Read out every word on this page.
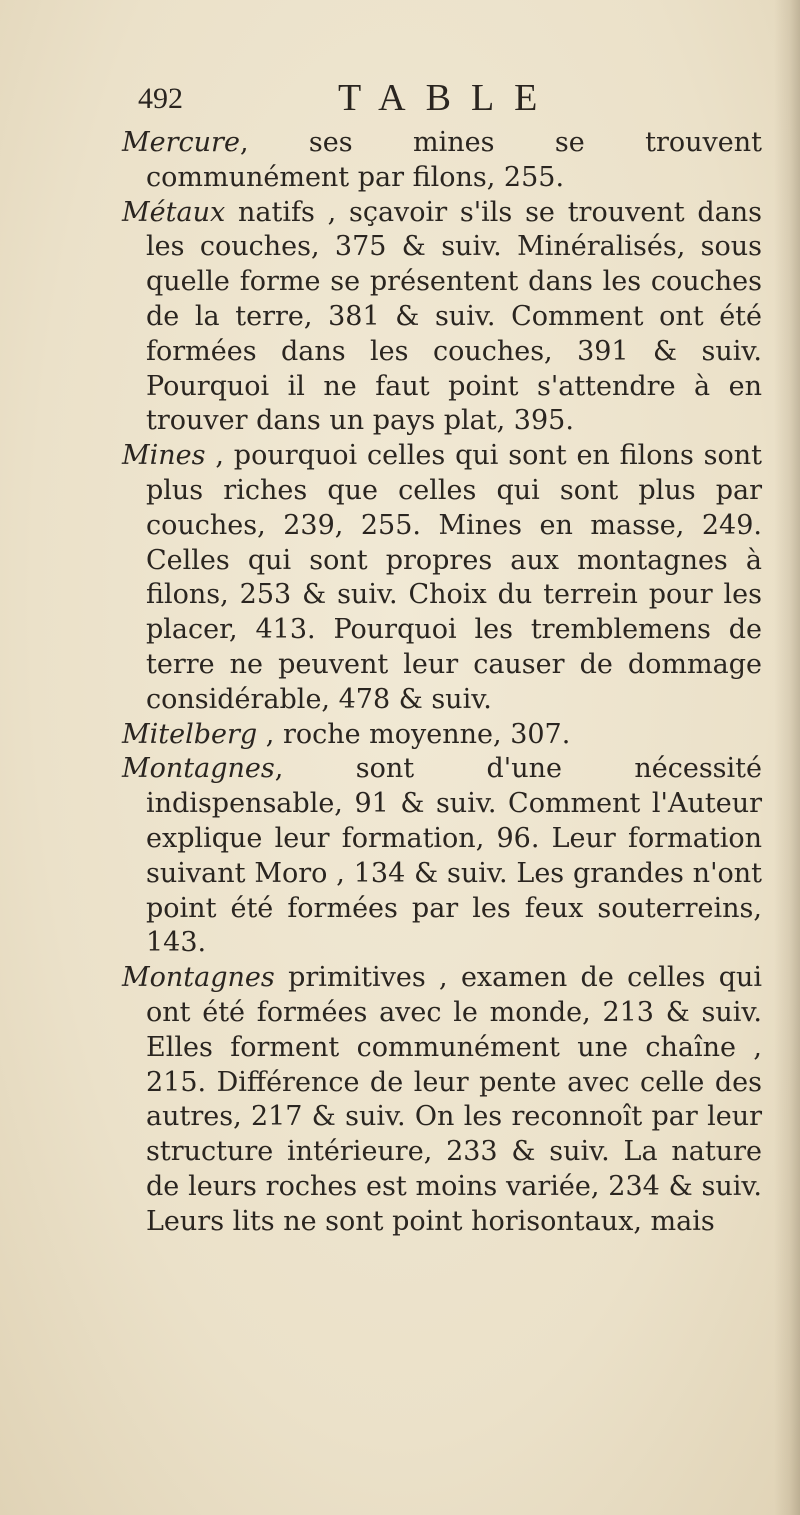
492	TABLE

Mercure, ses mines se trouvent communément par filons, 255.

Métaux natifs , sçavoir s'ils se trouvent dans les couches, 375 & suiv. Minéralisés, sous quelle forme se présentent dans les couches de la terre, 381 & suiv. Comment ont été formées dans les couches, 391 & suiv. Pourquoi il ne faut point s'attendre à en trouver dans un pays plat, 395.

Mines , pourquoi celles qui sont en filons sont plus riches que celles qui sont plus par couches, 239, 255. Mines en masse, 249. Celles qui sont propres aux montagnes à filons, 253 & suiv. Choix du terrein pour les placer, 413. Pourquoi les tremblemens de terre ne peuvent leur causer de dommage considérable, 478 & suiv.

Mitelberg , roche moyenne, 307.

Montagnes, sont d'une nécessité indispensable, 91 & suiv. Comment l'Auteur explique leur formation, 96. Leur formation suivant Moro , 134 & suiv. Les grandes n'ont point été formées par les feux souterreins, 143.

Montagnes primitives , examen de celles qui ont été formées avec le monde, 213 & suiv. Elles forment communément une chaîne , 215. Différence de leur pente avec celle des autres, 217 & suiv. On les reconnoît par leur structure intérieure, 233 & suiv. La nature de leurs roches est moins variée, 234 & suiv. Leurs lits ne sont point horisontaux, mais
